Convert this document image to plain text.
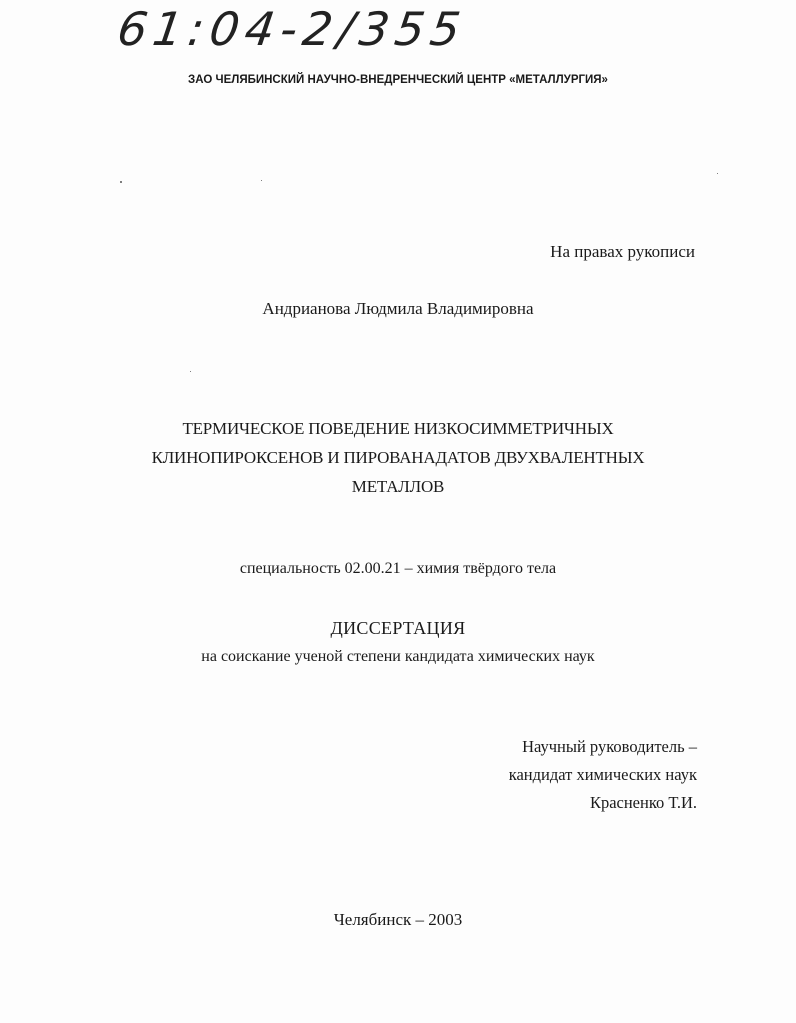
61:04-2/355
ЗАО ЧЕЛЯБИНСКИЙ НАУЧНО-ВНЕДРЕНЧЕСКИЙ ЦЕНТР «МЕТАЛЛУРГИЯ»
На правах рукописи
Андрианова Людмила Владимировна
ТЕРМИЧЕСКОЕ ПОВЕДЕНИЕ НИЗКОСИММЕТРИЧНЫХ
КЛИНОПИРОКСЕНОВ И ПИРОВАНАДАТОВ ДВУХВАЛЕНТНЫХ
МЕТАЛЛОВ
специальность 02.00.21 – химия твёрдого тела
ДИССЕРТАЦИЯ
на соискание ученой степени кандидата химических наук
Научный руководитель –
кандидат химических наук
Красненко Т.И.
Челябинск – 2003
